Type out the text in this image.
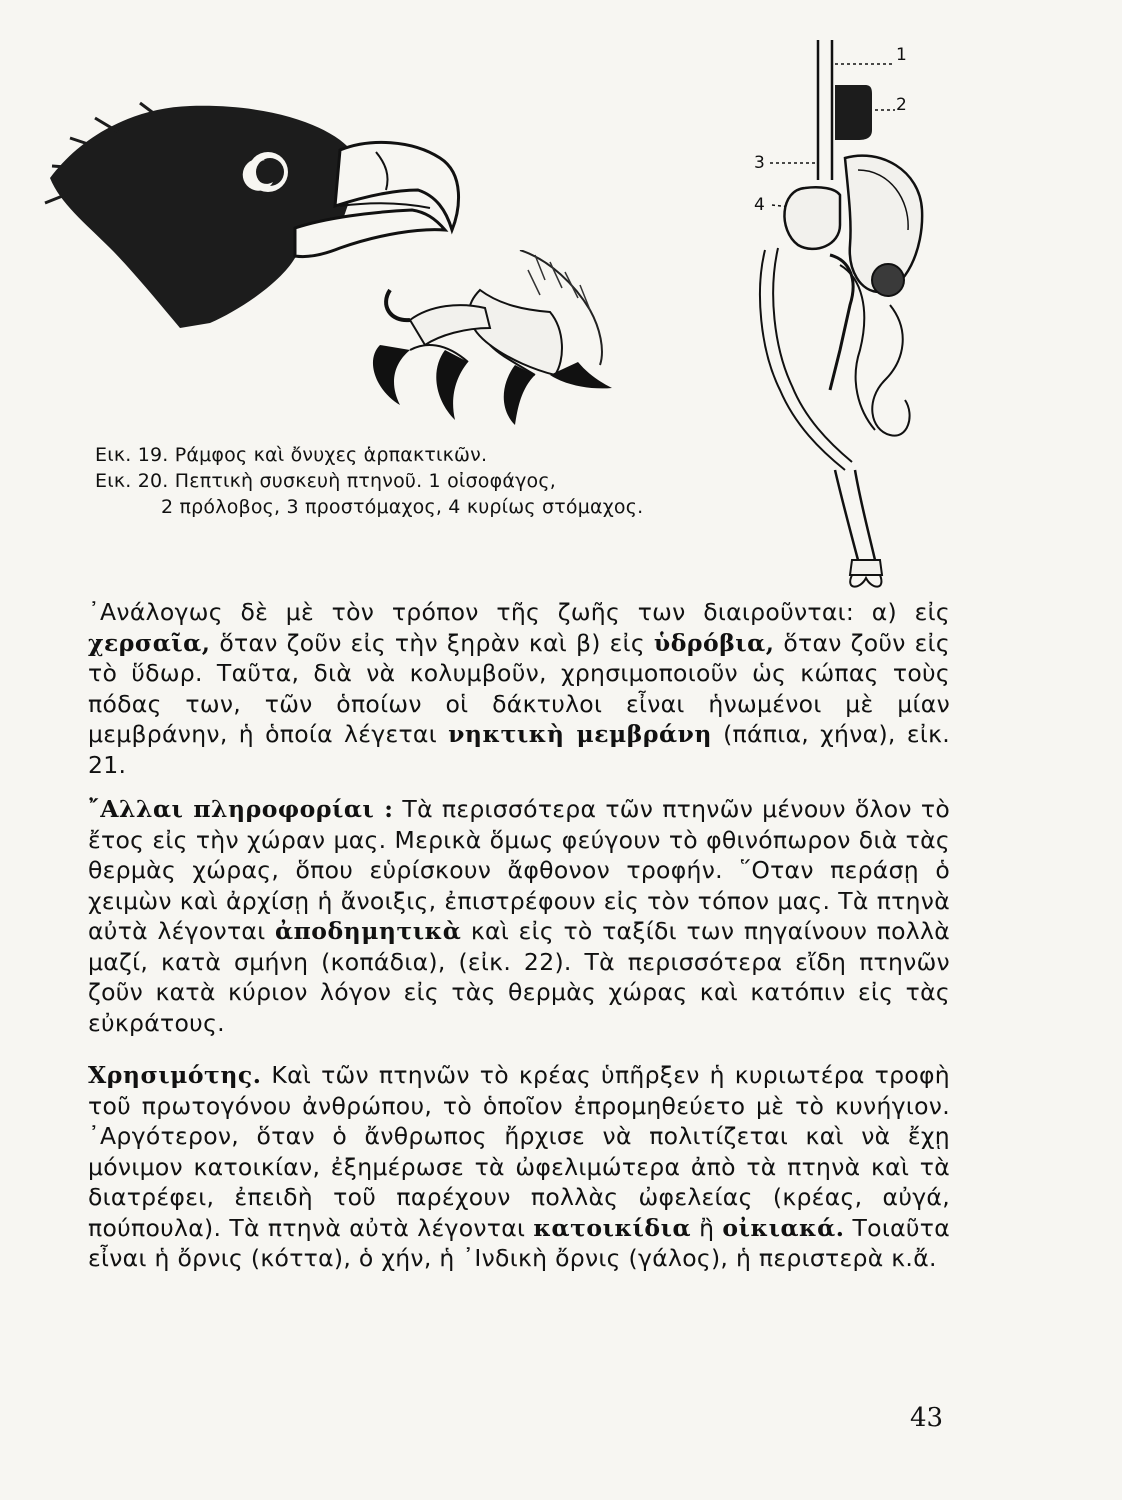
1
2
3
4
Εικ. 19. Ράμφος καὶ ὄνυχες ἁρπακτικῶν.
Εικ. 20. Πεπτικὴ συσκευὴ πτηνοῦ. 1 οἰσοφάγος,
2 πρόλοβος, 3 προστόμαχος, 4 κυρίως στόμαχος.

᾿Ανάλογως δὲ μὲ τὸν τρόπον τῆς ζωῆς των διαιροῦνται: α) εἰς χερσαῖα, ὅταν ζοῦν εἰς τὴν ξηρὰν καὶ β) εἰς ὑδρόβια, ὅταν ζοῦν εἰς τὸ ὕδωρ. Ταῦτα, διὰ νὰ κολυμβοῦν, χρησιμοποιοῦν ὡς κώπας τοὺς πόδας των, τῶν ὁποίων οἱ δάκτυλοι εἶναι ἡνωμένοι μὲ μίαν μεμβράνην, ἡ ὁποία λέγεται νηκτικὴ μεμβράνη (πάπια, χήνα), εἰκ. 21.

῎Αλλαι πληροφορίαι : Τὰ περισσότερα τῶν πτηνῶν μένουν ὅλον τὸ ἔτος εἰς τὴν χώραν μας. Μερικὰ ὅμως φεύγουν τὸ φθινόπωρον διὰ τὰς θερμὰς χώρας, ὅπου εὑρίσκουν ἄφθονον τροφήν. ῞Οταν περάσῃ ὁ χειμὼν καὶ ἀρχίσῃ ἡ ἄνοιξις, ἐπιστρέφουν εἰς τὸν τόπον μας. Τὰ πτηνὰ αὐτὰ λέγονται ἀποδημητικὰ καὶ εἰς τὸ ταξίδι των πηγαίνουν πολλὰ μαζί, κατὰ σμήνη (κοπάδια), (εἰκ. 22). Τὰ περισσότερα εἴδη πτηνῶν ζοῦν κατὰ κύριον λόγον εἰς τὰς θερμὰς χώρας καὶ κατόπιν εἰς τὰς εὐκράτους.

Χρησιμότης. Καὶ τῶν πτηνῶν τὸ κρέας ὑπῆρξεν ἡ κυριωτέρα τροφὴ τοῦ πρωτογόνου ἀνθρώπου, τὸ ὁποῖον ἐπρομηθεύετο μὲ τὸ κυνήγιον. ᾿Αργότερον, ὅταν ὁ ἄνθρωπος ἤρχισε νὰ πολιτίζεται καὶ νὰ ἔχῃ μόνιμον κατοικίαν, ἐξημέρωσε τὰ ὠφελιμώτερα ἀπὸ τὰ πτηνὰ καὶ τὰ διατρέφει, ἐπειδὴ τοῦ παρέχουν πολλὰς ὠφελείας (κρέας, αὐγά, πούπουλα). Τὰ πτηνὰ αὐτὰ λέγονται κατοικίδια ἢ οἰκιακά. Τοιαῦτα εἶναι ἡ ὄρνις (κόττα), ὁ χήν, ἡ ᾿Ινδικὴ ὄρνις (γάλος), ἡ περιστερὰ κ.ἄ.

43
